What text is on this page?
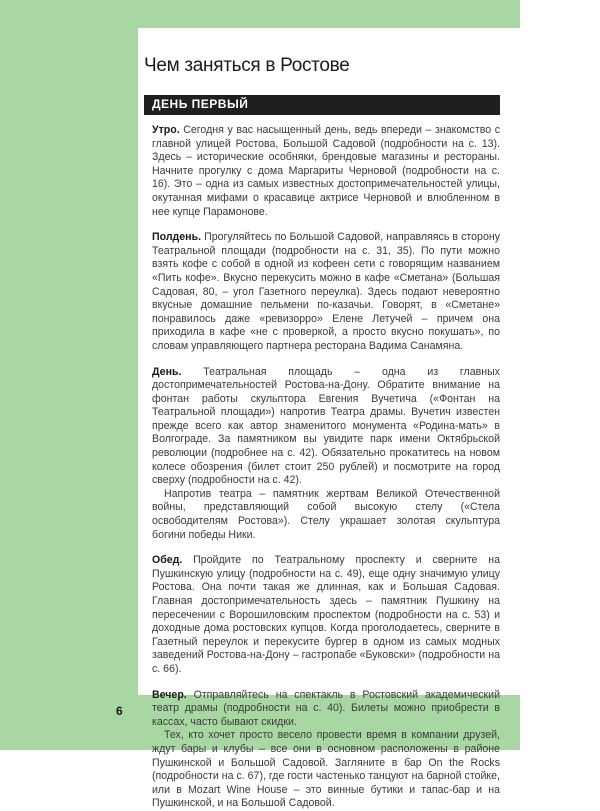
Чем заняться в Ростове
ДЕНЬ ПЕРВЫЙ

Утро. Сегодня у вас насыщенный день, ведь впереди – знакомство с главной улицей Ростова, Большой Садовой (подробности на с. 13). Здесь – исторические особняки, брендовые магазины и рестораны. Начните прогулку с дома Маргариты Черновой (подробности на с. 16). Это – одна из самых известных достопримечательностей улицы, окутанная мифами о красавице актрисе Черновой и влюбленном в нее купце Парамонове.

Полдень. Прогуляйтесь по Большой Садовой, направляясь в сторону Театральной площади (подробности на с. 31, 35). По пути можно взять кофе с собой в одной из кофеен сети с говорящим названием «Пить кофе». Вкусно перекусить можно в кафе «Сметана» (Большая Садовая, 80, – угол Газетного переулка). Здесь подают невероятно вкусные домашние пельмени по-казачьи. Говорят, в «Сметане» понравилось даже «ревизорро» Елене Летучей – причем она приходила в кафе «не с проверкой, а просто вкусно покушать», по словам управляющего партнера ресторана Вадима Санамяна.

День. Театральная площадь – одна из главных достопримечательностей Ростова-на-Дону. Обратите внимание на фонтан работы скульптора Евгения Вучетича («Фонтан на Театральной площади») напротив Театра драмы. Вучетич известен прежде всего как автор знаменитого монумента «Родина-мать» в Волгограде. За памятником вы увидите парк имени Октябрьской революции (подробнее на с. 42). Обязательно прокатитесь на новом колесе обозрения (билет стоит 250 рублей) и посмотрите на город сверху (подробности на с. 42).

Напротив театра – памятник жертвам Великой Отечественной войны, представляющий собой высокую стелу («Стела освободителям Ростова»). Стелу украшает золотая скульптура богини победы Ники.

Обед. Пройдите по Театральному проспекту и сверните на Пушкинскую улицу (подробности на с. 49), еще одну значимую улицу Ростова. Она почти такая же длинная, как и Большая Садовая. Главная достопримечательность здесь – памятник Пушкину на пересечении с Ворошиловским проспектом (подробности на с. 53) и доходные дома ростовских купцов. Когда проголодаетесь, сверните в Газетный переулок и перекусите бургер в одном из самых модных заведений Ростова-на-Дону – гастропабе «Буковски» (подробности на с. 66).

Вечер. Отправляйтесь на спектакль в Ростовский академический театр драмы (подробности на с. 40). Билеты можно приобрести в кассах, часто бывают скидки.

Тех, кто хочет просто весело провести время в компании друзей, ждут бары и клубы – все они в основном расположены в районе Пушкинской и Большой Садовой. Загляните в бар On the Rocks (подробности на с. 67), где гости частенько танцуют на барной стойке, или в Mozart Wine House – это винные бутики и тапас-бар и на Пушкинской, и на Большой Садовой.

6
